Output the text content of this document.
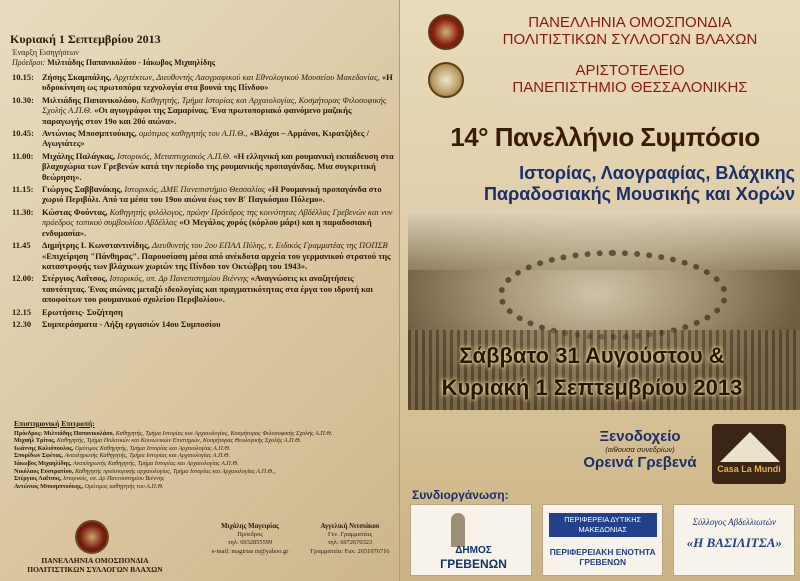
Κυριακή 1 Σεπτεμβρίου 2013
Έναρξη Εισηγήσεων
Πρόεδροι: Μιλτιάδης Παπανικολάου - Ιάκωβος Μιχαηλίδης
10.15: Ζήσης Σκαμπάλης, Αρχιτέκτων, Διευθυντής Λαογραφικού και Εθνολογικού Μουσείου Μακεδονίας, «Η υδροκίνηση ως πρωτοπόρα τεχνολογία στα βουνά της Πίνδου»
10.30: Μιλτιάδης Παπανικολάου, Καθηγητής, Τμήμα Ιστορίας και Αρχαιολογίας, Κοσμήτορας Φιλοσοφικής Σχολής Α.Π.Θ. «Οι αγιογράφοι της Σαμαρίνας. Ένα πρωτοποριακό φαινόμενο μαζικής παραγωγής στον 19ο και 20ό αιώνα».
10.45: Αντώνιος Μποσμπτούκης, ομότιμος καθηγητής του Α.Π.Θ., «Βλάχοι – Αρμάνοι, Κιρατζήδες / Αγωγιάτες»
11.00:	Μιχάλης Παλάγκας, Ιστορικός, Μεταπτυχιακός Α.Π.Θ. «Η ελληνική και ρουμανική εκπαίδευση στα βλαχοχώρια των Γρεβενών κατά την περίοδο της ρουμανικής προπαγάνδας. Μια συγκριτική θεώρηση».
11.15:	Γιώργος Σαββανάκης, Ιστορικός, ΔΜΕ Πανεπιστήμιο Θεσσαλίας «Η Ρουμανική προπαγάνδα στο χωριό Περιβόλι. Από τα μέσα του 19ου αιώνα έως τον Β' Παγκόσμιο Πόλεμο».
11.30:	Κώστας Φούντας, Καθηγητής φιλόλογος, πρώην Πρόεδρος της κοινότητας Αβδέλλας Γρεβενών και νυν πρόεδρος τοπικού συμβουλίου Αβδέλλας «Ο Μεγάλος χορός (κόρλου μάρι) και η παραδοσιακή ενδυμασία».
11.45	Δημήτρης Ι. Κωνσταντινίδης, Διευθυντής του 2ου ΕΠΑΛ Πύλης, τ. Ειδικός Γραμματέας της ΠΟΠΣΒ «Επιχείρηση "Πάνθηρας". Παρουσίαση μέσα από ανέκδοτα αρχεία του γερμανικού στρατού της καταστροφής των βλάχικων χωριών της Πίνδου τον Οκτώβρη του 1943».
12.00: Στέργιος Λαΐτσος, Ιστορικός, υπ. Δρ Πανεπιστημίου Βιέννης «Αναγνώσεις κι αναζητήσεις ταυτότητας. Ένας αιώνας μεταξύ ιδεολογίας και πραγματικότητας στα έργα του ιδρυτή και αποφοίτων του ρουμανικού σχολείου Περιβολίου».
12.15	Ερωτήσεις- Συζήτηση
12.30	Συμπεράσματα - Λήξη εργασιών 14ου Συμποσίου
Επιστημονική Επιτροπή:
Πρόεδρος: Μιλτιάδης Παπανικολάου, Καθηγητής, Τμήμα Ιστορίας και Αρχαιολογίας, Κοσμήτορας Φιλοσοφικής Σχολής Α.Π.Θ.
Μιχαήλ Τρίτος, Καθηγητής, Τμήμα Πολιτικών και Κοινωνικών Επιστημών, Κοσμήτορας Θεολογικής Σχολής Α.Π.Θ.
Ιωάννης Κολιόπουλος, Ομότιμος Καθηγητής, Τμήμα Ιστορίας και Αρχαιολογίας Α.Π.Θ.
Σπυρίδων Σφέτας, Αναπληρωτής Καθηγητής, Τμήμα Ιστορίας και Αρχαιολογίας Α.Π.Θ.
Ιάκωβος Μιχαηλίδης, Αναπληρωτής Καθηγητής, Τμήμα Ιστορίας και Αρχαιολογίας Α.Π.Θ.
Νικόλαος Ευστρατίου, Καθηγητής προϊστορικής αρχαιολογίας, Τμήμα Ιστορίας και Αρχαιολογίας Α.Π.Θ.,
Στέργιος Λαΐτσος, Ιστορικός, υπ. Δρ Πανεπιστημίου Βιέννης
Αντώνιος Μποσμπτούκης, Ομότιμος καθηγητής του Α.Π.Θ.
ΠΑΝΕΛΛΗΝΙΑ ΟΜΟΣΠΟΝΔΙΑ ΠΟΛΙΤΙΣΤΙΚΩΝ ΣΥΛΛΟΓΩΝ ΒΛΑΧΩΝ
Μιχάλης Μαγειρίας
Πρόεδρος
τηλ: 6932855599
e-mail: magirias m@yahoo.gr
Αγγελική Νιτσιάκου
Γεν. Γραμματέας
τηλ: 6972670323
Γραμματεία: Fax: 2651076716
ΠΑΝΕΛΛΗΝΙΑ ΟΜΟΣΠΟΝΔΙΑ
ΠΟΛΙΤΙΣΤΙΚΩΝ ΣΥΛΛΟΓΩΝ ΒΛΑΧΩΝ
ΑΡΙΣΤΟΤΕΛΕΙΟ
ΠΑΝΕΠΙΣΤΗΜΙΟ ΘΕΣΣΑΛΟΝΙΚΗΣ
14° Πανελλήνιο Συμπόσιο
Ιστορίας, Λαογραφίας, Βλάχικης
Παραδοσιακής Μουσικής και Χορών
Σάββατο 31 Αυγούστου &
Κυριακή 1 Σεπτεμβρίου 2013
Ξενοδοχείο
(αίθουσα συνεδρίων)
Ορεινά Γρεβενά	Casa La Mundi
Συνδιοργάνωση:
ΔΗΜΟΣ
ΓΡΕΒΕΝΩΝ
ΠΕΡΙΦΕΡΕΙΑ ΔΥΤΙΚΗΣ ΜΑΚΕΔΟΝΙΑΣ
ΠΕΡΙΦΕΡΕΙΑΚΗ ΕΝΟΤΗΤΑ ΓΡΕΒΕΝΩΝ
Σύλλογος Αβδελλιωτών
«Η ΒΑΣΙΛΙΤΣΑ»
